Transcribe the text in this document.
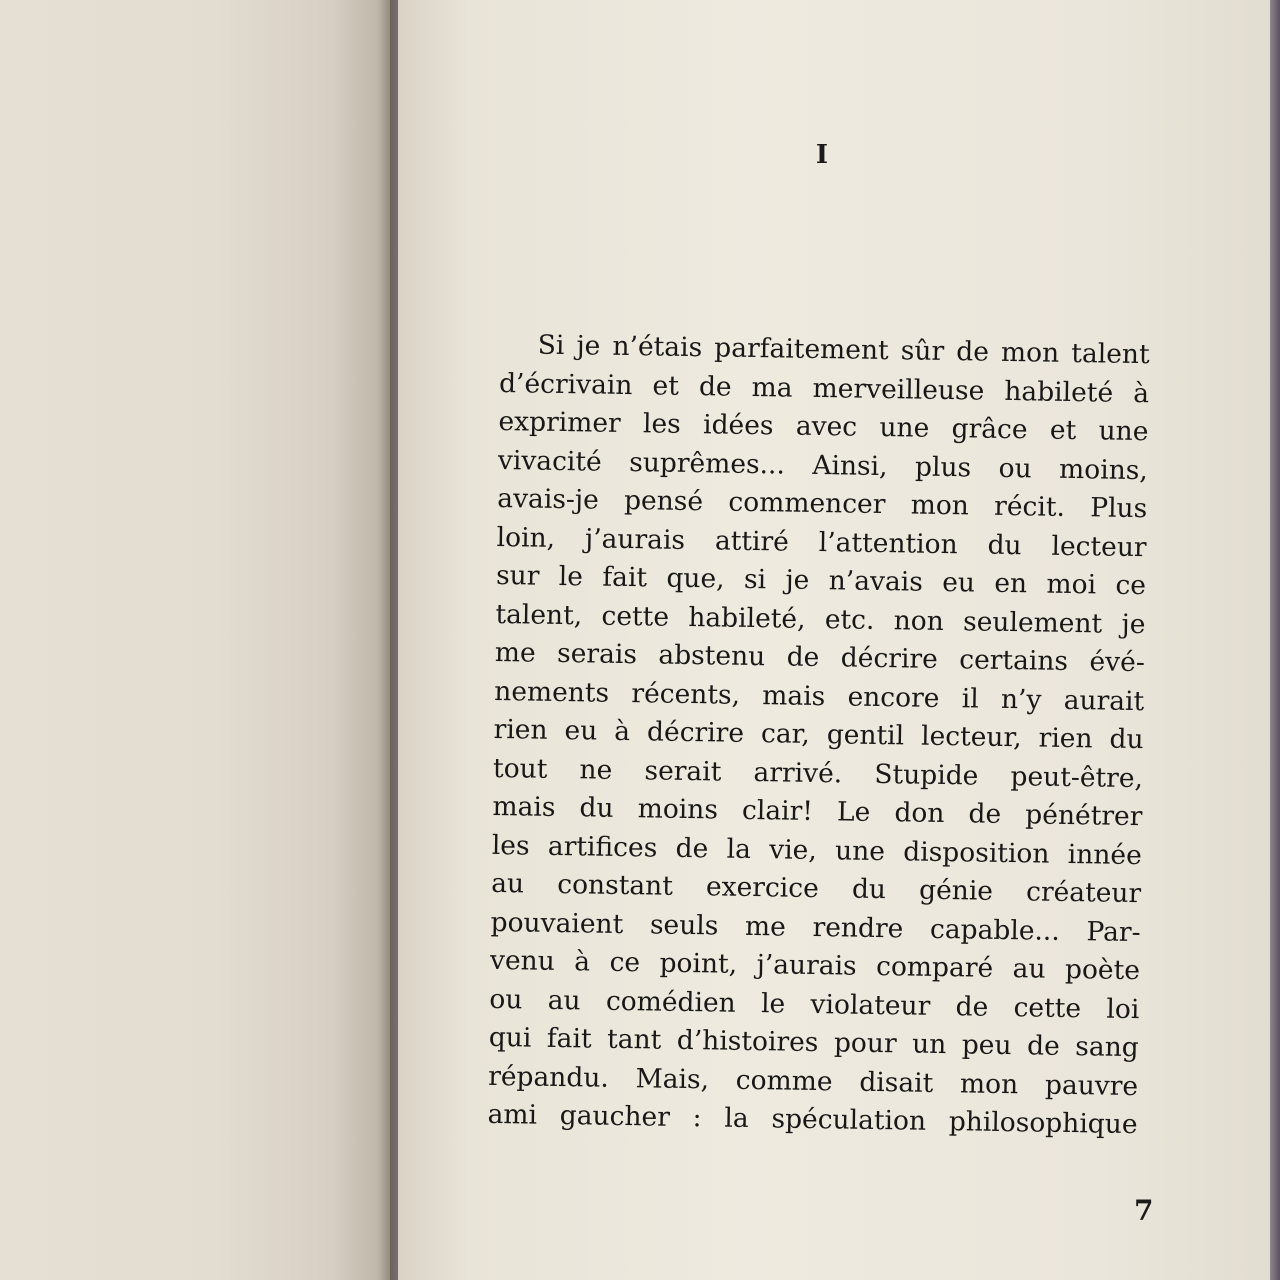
I
Si je n’étais parfaitement sûr de mon talent
d’écrivain et de ma merveilleuse habileté à
exprimer les idées avec une grâce et une
vivacité suprêmes... Ainsi, plus ou moins,
avais-je pensé commencer mon récit. Plus
loin, j’aurais attiré l’attention du lecteur
sur le fait que, si je n’avais eu en moi ce
talent, cette habileté, etc. non seulement je
me serais abstenu de décrire certains évé-
nements récents, mais encore il n’y aurait
rien eu à décrire car, gentil lecteur, rien du
tout ne serait arrivé. Stupide peut-être,
mais du moins clair! Le don de pénétrer
les artifices de la vie, une disposition innée
au constant exercice du génie créateur
pouvaient seuls me rendre capable... Par-
venu à ce point, j’aurais comparé au poète
ou au comédien le violateur de cette loi
qui fait tant d’histoires pour un peu de sang
répandu. Mais, comme disait mon pauvre
ami gaucher : la spéculation philosophique
7
